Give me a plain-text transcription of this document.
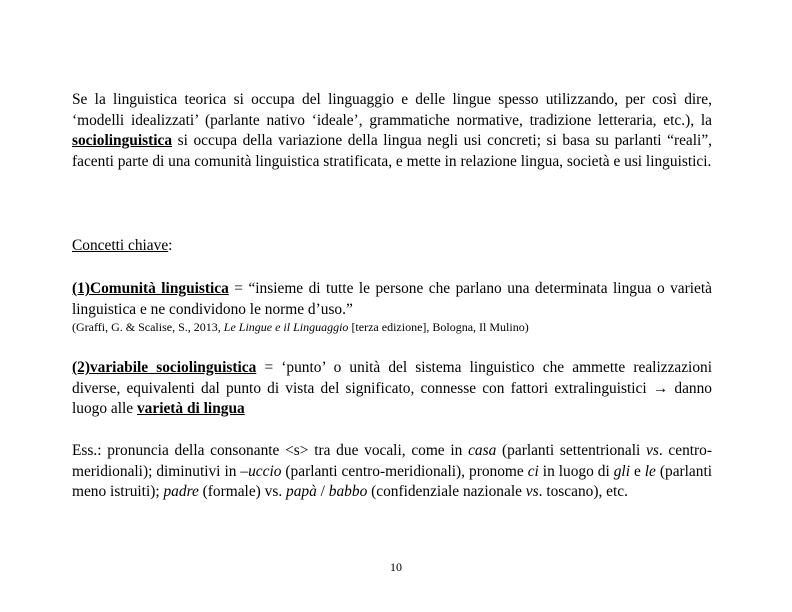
Se la linguistica teorica si occupa del linguaggio e delle lingue spesso utilizzando, per così dire, ‘modelli idealizzati’ (parlante nativo ‘ideale’, grammatiche normative, tradizione letteraria, etc.), la sociolinguistica si occupa della variazione della lingua negli usi concreti; si basa su parlanti “reali”, facenti parte di una comunità linguistica stratificata, e mette in relazione lingua, società e usi linguistici.

Concetti chiave:

(1)Comunità linguistica = “insieme di tutte le persone che parlano una determinata lingua o varietà linguistica e ne condividono le norme d’uso.”

(Graffi, G. & Scalise, S., 2013, Le Lingue e il Linguaggio [terza edizione], Bologna, Il Mulino)

(2)variabile sociolinguistica = ‘punto’ o unità del sistema linguistico che ammette realizzazioni diverse, equivalenti dal punto di vista del significato, connesse con fattori extralinguistici → danno luogo alle varietà di lingua

Ess.: pronuncia della consonante <s> tra due vocali, come in casa (parlanti settentrionali vs. centro-meridionali); diminutivi in –uccio (parlanti centro-meridionali), pronome ci in luogo di gli e le (parlanti meno istruiti); padre (formale) vs. papà / babbo (confidenziale nazionale vs. toscano), etc.

10
